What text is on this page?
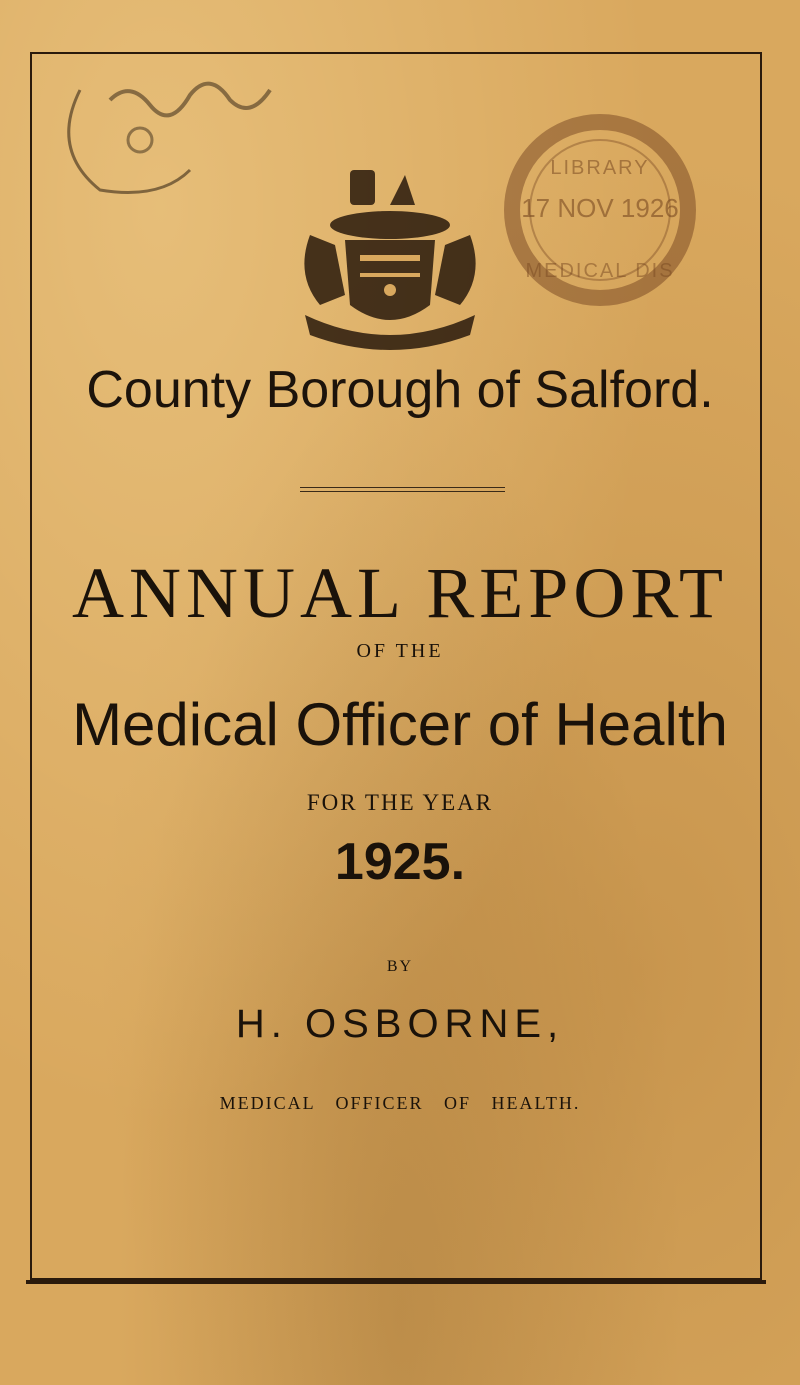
LIBRARY
17 NOV 1926
MEDICAL DIS
County Borough of Salford.
ANNUAL REPORT
OF THE
Medical Officer of Health
FOR THE YEAR
1925.
BY
H. OSBORNE,
MEDICAL OFFICER OF HEALTH.
